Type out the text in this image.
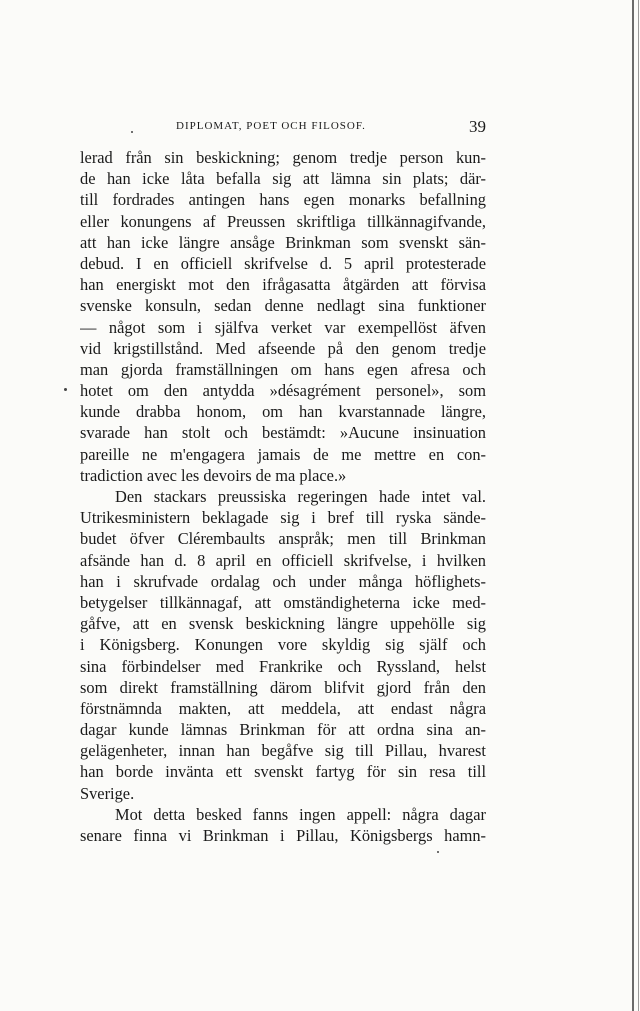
DIPLOMAT, POET OCH FILOSOF.	39
lerad från sin beskickning; genom tredje person kun-
de han icke låta befalla sig att lämna sin plats; där-
till fordrades antingen hans egen monarks befallning
eller konungens af Preussen skriftliga tillkännagifvande,
att han icke längre ansåge Brinkman som svenskt sän-
debud. I en officiell skrifvelse d. 5 april protesterade
han energiskt mot den ifrågasatta åtgärden att förvisa
svenske konsuln, sedan denne nedlagt sina funktioner
— något som i själfva verket var exempellöst äfven
vid krigstillstånd. Med afseende på den genom tredje
man gjorda framställningen om hans egen afresa och
hotet om den antydda »désagrément personel», som
kunde drabba honom, om han kvarstannade längre,
svarade han stolt och bestämdt: »Aucune insinuation
pareille ne m'engagera jamais de me mettre en con-
tradiction avec les devoirs de ma place.»
Den stackars preussiska regeringen hade intet val.
Utrikesministern beklagade sig i bref till ryska sände-
budet öfver Clérembaults anspråk; men till Brinkman
afsände han d. 8 april en officiell skrifvelse, i hvilken
han i skrufvade ordalag och under många höflighets-
betygelser tillkännagaf, att omständigheterna icke med-
gåfve, att en svensk beskickning längre uppehölle sig
i Königsberg. Konungen vore skyldig sig själf och
sina förbindelser med Frankrike och Ryssland, helst
som direkt framställning därom blifvit gjord från den
förstnämnda makten, att meddela, att endast några
dagar kunde lämnas Brinkman för att ordna sina an-
gelägenheter, innan han begåfve sig till Pillau, hvarest
han borde invänta ett svenskt fartyg för sin resa till
Sverige.
Mot detta besked fanns ingen appell: några dagar
senare finna vi Brinkman i Pillau, Königsbergs hamn-
